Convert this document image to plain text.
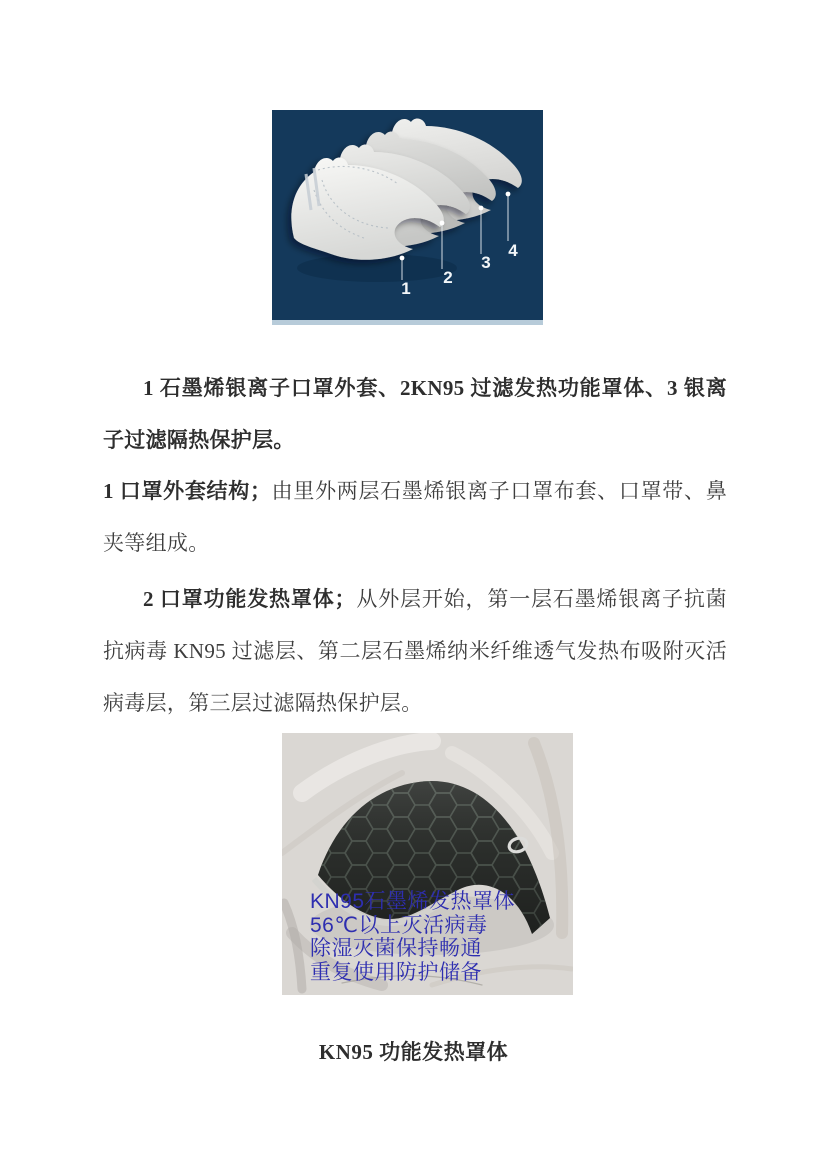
1
2
3
4

1 石墨烯银离子口罩外套、2KN95 过滤发热功能罩体、3 银离子过滤隔热保护层。

1 口罩外套结构；由里外两层石墨烯银离子口罩布套、口罩带、鼻夹等组成。

2 口罩功能发热罩体；从外层开始，第一层石墨烯银离子抗菌抗病毒 KN95 过滤层、第二层石墨烯纳米纤维透气发热布吸附灭活病毒层，第三层过滤隔热保护层。

KN95石墨烯发热罩体
56℃以上灭活病毒
除湿灭菌保持畅通
重复使用防护储备
KN95 功能发热罩体
